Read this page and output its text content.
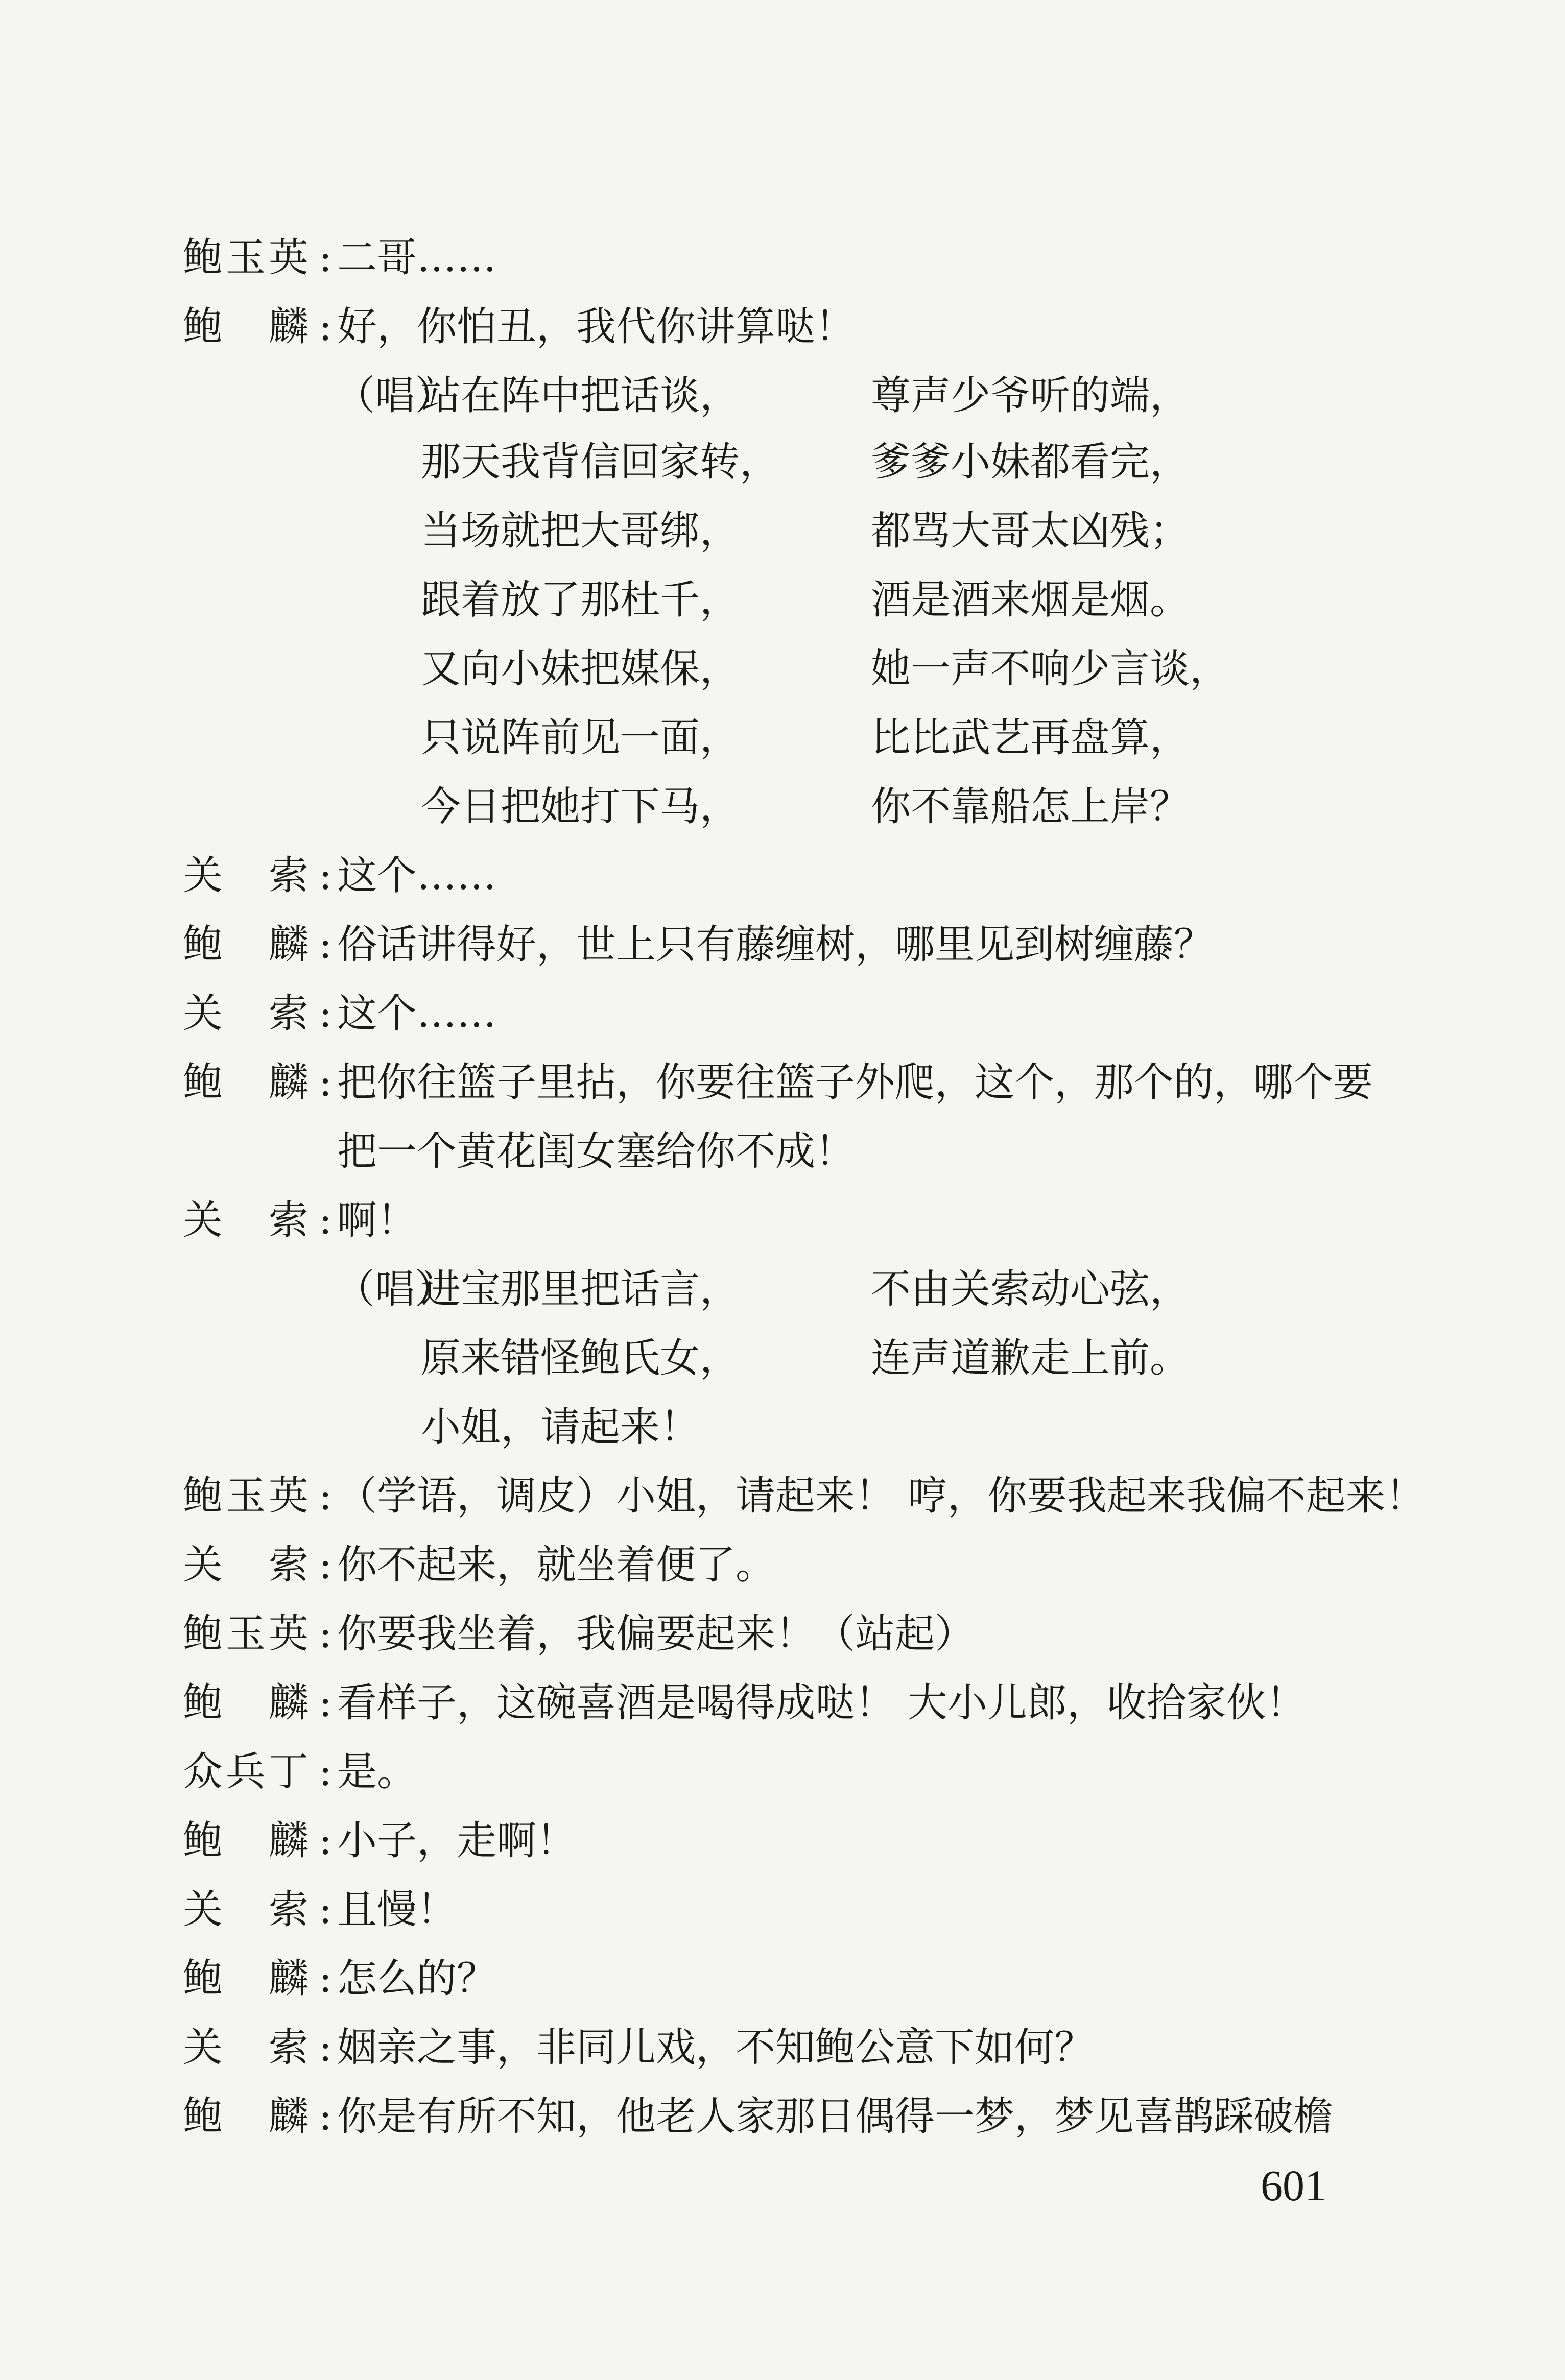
鲍 玉 英 : 二哥……
鲍 麟 : 好，你怕丑，我代你讲算哒！
（唱）
站在阵中把话谈，	尊声少爷听的端，
那天我背信回家转， 爹爹小妹都看完，
当场就把大哥绑，	都骂大哥太凶残；
跟着放了那杜千，	酒是酒来烟是烟。
又向小妹把媒保，	她一声不响少言谈，
只说阵前见一面，	比比武艺再盘算，
今日把她打下马，	你不靠船怎上岸？
关 索 : 这个……
鲍 麟 : 俗话讲得好，世上只有藤缠树，哪里见到树缠藤？
关 索 : 这个……
鲍 麟 : 把你往篮子里拈，你要往篮子外爬，这个，那个的，哪个要
把一个黄花闺女塞给你不成！
关 索 : 啊！
（唱）
进宝那里把话言，	不由关索动心弦，
原来错怪鲍氏女，	连声道歉走上前。
小姐，请起来！
鲍 玉 英 : （学语，调皮）小姐，请起来！ 哼，你要我起来我偏不起来！
关 索 : 你不起来，就坐着便了。
鲍 玉 英 : 你要我坐着，我偏要起来！（站起）
鲍 麟 : 看样子，这碗喜酒是喝得成哒！ 大小儿郎，收拾家伙！
众 兵 丁 : 是。
鲍 麟 : 小子，走啊！
关 索 : 且慢！
鲍 麟 : 怎么的？
关 索 : 姻亲之事，非同儿戏，不知鲍公意下如何？
鲍 麟 : 你是有所不知，他老人家那日偶得一梦，梦见喜鹊踩破檐
601
